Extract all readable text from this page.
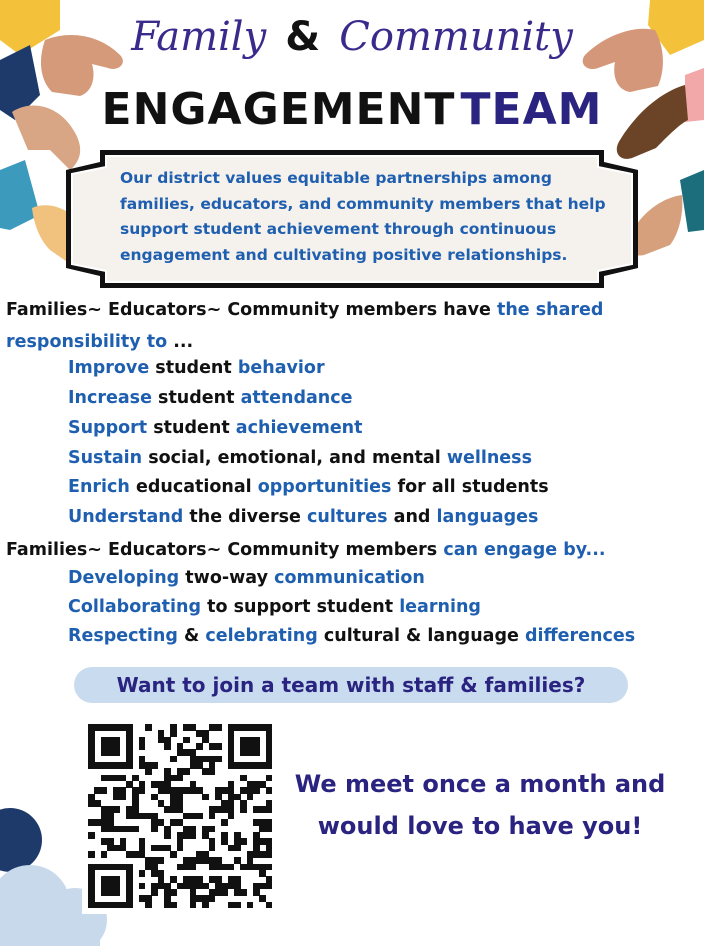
Family & Community
ENGAGEMENT TEAM
Our district values equitable partnerships among families, educators, and community members that help support student achievement through continuous engagement and cultivating positive relationships.
Families~ Educators~ Community members have the shared
responsibility to ...
Improve student behavior
Increase student attendance
Support student achievement
Sustain social, emotional, and mental wellness
Enrich educational opportunities for all students
Understand the diverse cultures and languages
Families~ Educators~ Community members can engage by...
Developing two-way communication
Collaborating to support student learning
Respecting & celebrating cultural & language differences
Want to join a team with staff & families?
We meet once a month and
would love to have you!
